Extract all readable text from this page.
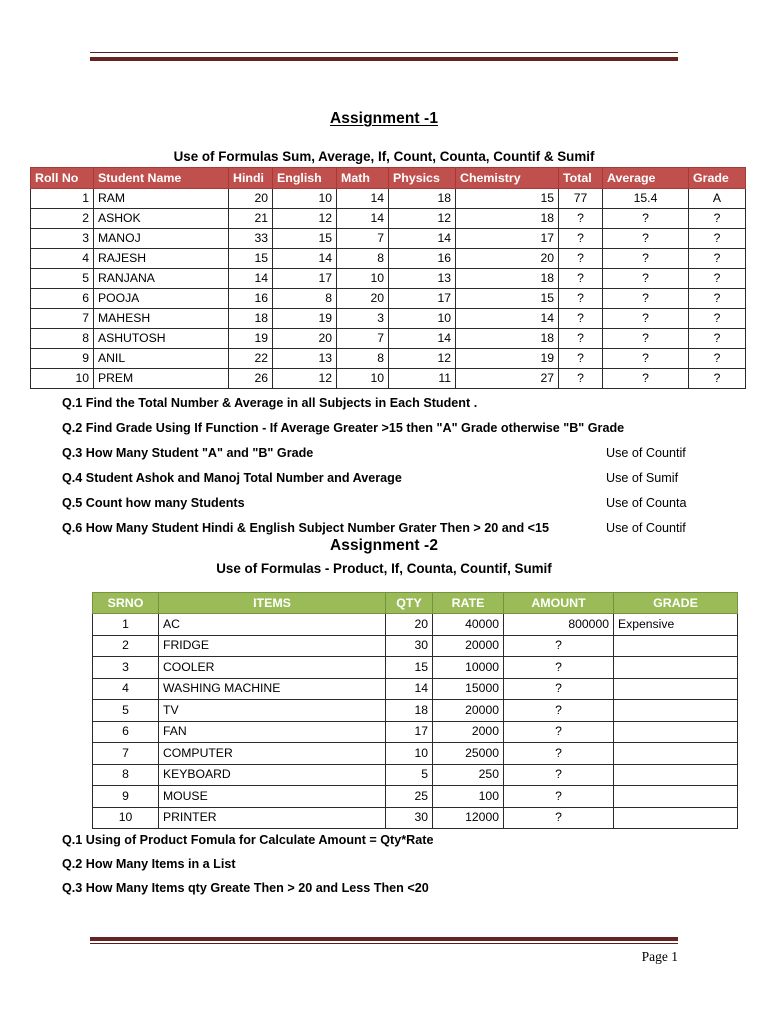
Assignment -1
Use of Formulas Sum, Average, If, Count, Counta, Countif & Sumif
Roll No	Student Name	Hindi	English	Math	Physics	Chemistry	Total	Average	Grade
1	RAM	20	10	14	18	15	77	15.4	A
2	ASHOK	21	12	14	12	18	?	?	?
3	MANOJ	33	15	7	14	17	?	?	?
4	RAJESH	15	14	8	16	20	?	?	?
5	RANJANA	14	17	10	13	18	?	?	?
6	POOJA	16	8	20	17	15	?	?	?
7	MAHESH	18	19	3	10	14	?	?	?
8	ASHUTOSH	19	20	7	14	18	?	?	?
9	ANIL	22	13	8	12	19	?	?	?
10	PREM	26	12	10	11	27	?	?	?
Q.1 Find the Total Number & Average in all Subjects in Each Student .
Q.2 Find Grade Using If Function - If Average Greater >15 then "A" Grade otherwise "B" Grade
Q.3 How Many Student "A" and "B" Grade
Q.4 Student Ashok and Manoj Total Number and Average
Q.5 Count how many Students
Q.6 How Many Student Hindi & English Subject Number Grater Then > 20 and <15
Use of Countif
Use of Sumif
Use of Counta
Use of Countif
Assignment -2
Use of Formulas - Product, If, Counta, Countif, Sumif
SRNO	ITEMS	QTY	RATE	AMOUNT	GRADE
1	AC	20	40000	800000	Expensive
2	FRIDGE	30	20000	?	
3	COOLER	15	10000	?	
4	WASHING MACHINE	14	15000	?	
5	TV	18	20000	?	
6	FAN	17	2000	?	
7	COMPUTER	10	25000	?	
8	KEYBOARD	5	250	?	
9	MOUSE	25	100	?	
10	PRINTER	30	12000	?	
Q.1 Using of Product Fomula for Calculate Amount = Qty*Rate
Q.2 How Many Items in a List
Q.3 How Many Items qty Greate Then > 20 and Less Then <20
Page 1
